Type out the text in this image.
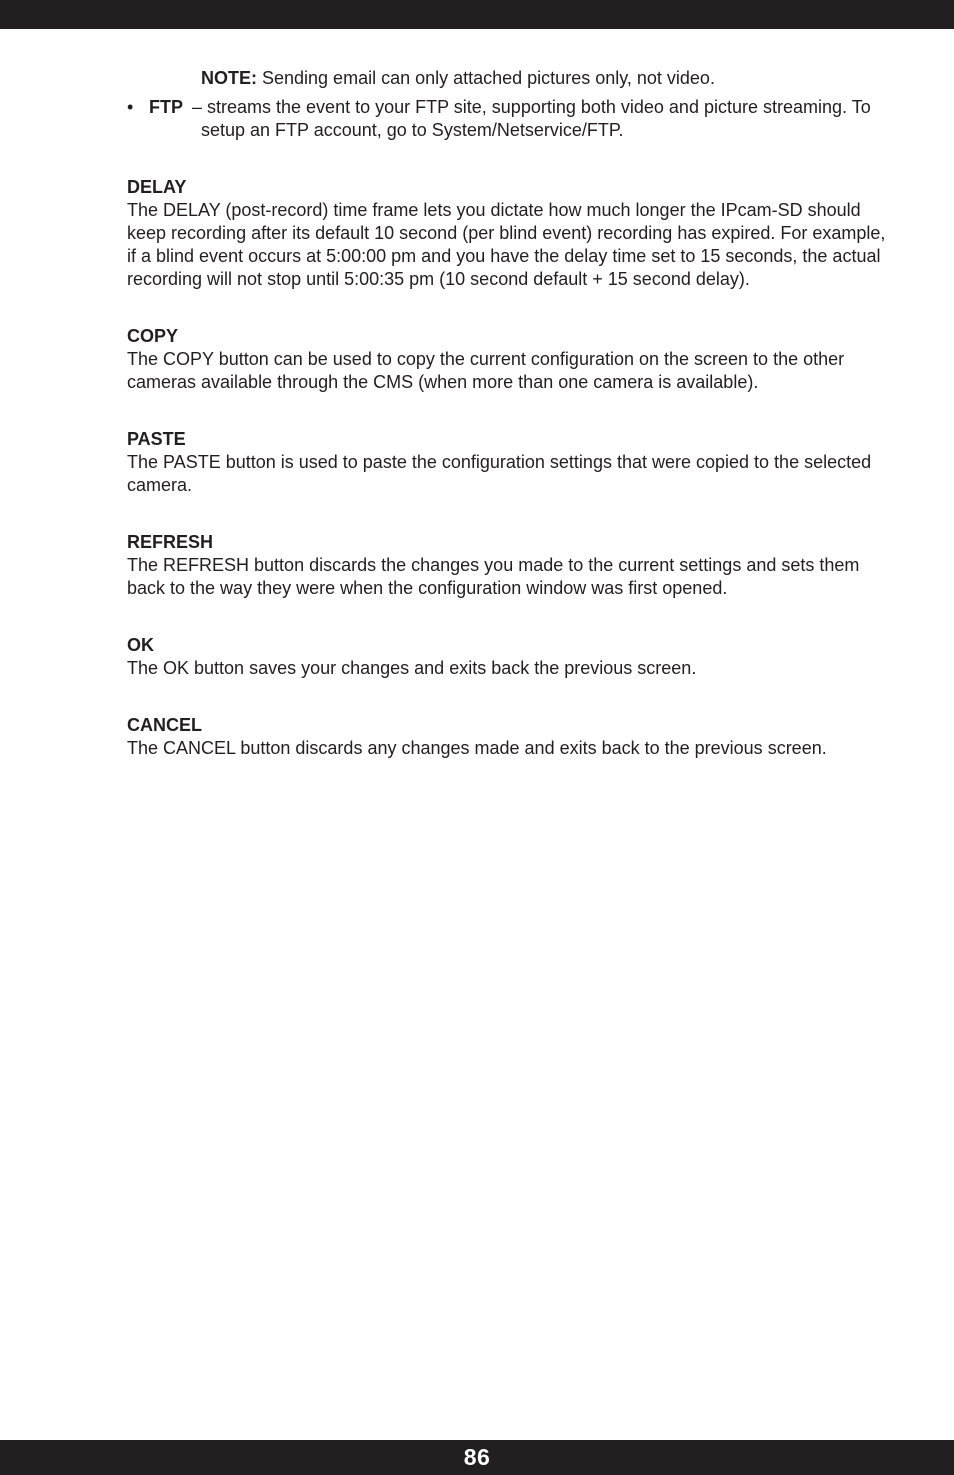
NOTE: Sending email can only attached pictures only, not video.
• FTP – streams the event to your FTP site, supporting both video and picture streaming. To setup an FTP account, go to System/Netservice/FTP.
DELAY
The DELAY (post-record) time frame lets you dictate how much longer the IPcam-SD should keep recording after its default 10 second (per blind event) recording has expired. For example, if a blind event occurs at 5:00:00 pm and you have the delay time set to 15 seconds, the actual recording will not stop until 5:00:35 pm (10 second default + 15 second delay).
COPY
The COPY button can be used to copy the current configuration on the screen to the other cameras available through the CMS (when more than one camera is available).
PASTE
The PASTE button is used to paste the configuration settings that were copied to the selected camera.
REFRESH
The REFRESH button discards the changes you made to the current settings and sets them back to the way they were when the configuration window was first opened.
OK
The OK button saves your changes and exits back the previous screen.
CANCEL
The CANCEL button discards any changes made and exits back to the previous screen.
86
